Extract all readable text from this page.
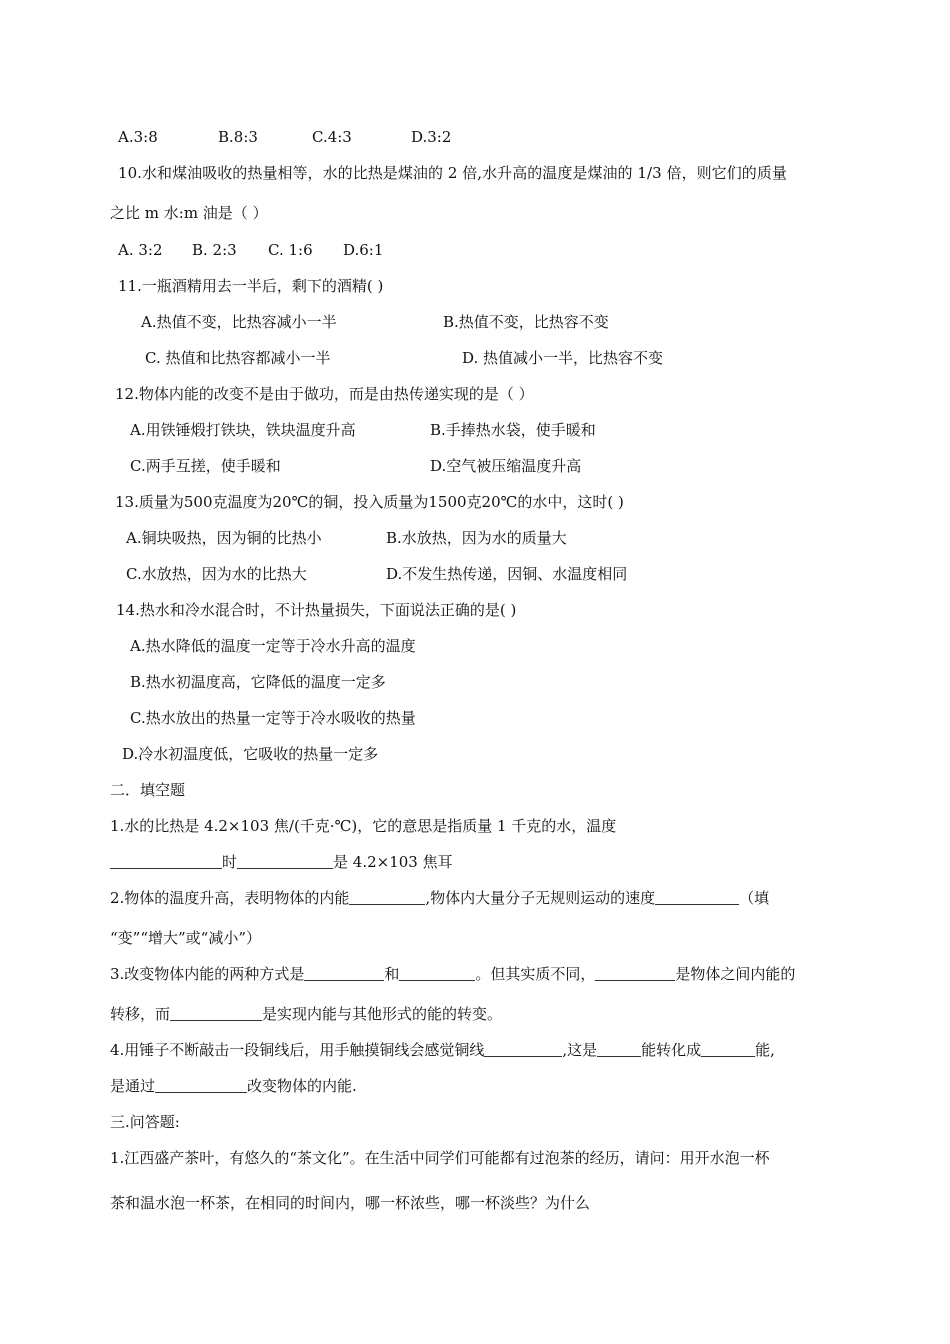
A.3:8	B.8:3	C.4:3	D.3:2
10.水和煤油吸收的热量相等，水的比热是煤油的 2 倍,水升高的温度是煤油的 1/3 倍，则它们的质量
之比 m 水:m 油是（ ）
A. 3:2 B. 2:3 C. 1:6 D.6:1
11.一瓶酒精用去一半后，剩下的酒精( )
A.热值不变，比热容减小一半	B.热值不变，比热容不变
C. 热值和比热容都减小一半	D. 热值减小一半，比热容不变
12.物体内能的改变不是由于做功，而是由热传递实现的是（ ）
A.用铁锤煅打铁块，铁块温度升高	B.手捧热水袋，使手暖和
C.两手互搓，使手暖和	D.空气被压缩温度升高
13.质量为500克温度为20℃的铜，投入质量为1500克20℃的水中，这时( )
A.铜块吸热，因为铜的比热小	B.水放热，因为水的质量大
C.水放热，因为水的比热大	D.不发生热传递，因铜、水温度相同
14.热水和冷水混合时，不计热量损失，下面说法正确的是( )
A.热水降低的温度一定等于冷水升高的温度
B.热水初温度高，它降低的温度一定多
C.热水放出的热量一定等于冷水吸收的热量
D.冷水初温度低，它吸收的热量一定多
二．填空题
1.水的比热是 4.2×103 焦/(千克·℃)，它的意思是指质量 1 千克的水，温度
时	是 4.2×103 焦耳
2.物体的温度升高，表明物体的内能	,物体内大量分子无规则运动的速度	（填
“变”“增大”或“减小”）
3.改变物体内能的两种方式是	和	。但其实质不同，	是物体之间内能的
转移，而	是实现内能与其他形式的能的转变。
4.用锤子不断敲击一段铜线后，用手触摸铜线会感觉铜线	,这是	能转化成	能,
是通过	改变物体的内能.
三.问答题:
1.江西盛产茶叶，有悠久的“茶文化”。在生活中同学们可能都有过泡茶的经历，请问：用开水泡一杯
茶和温水泡一杯茶，在相同的时间内，哪一杯浓些，哪一杯淡些？为什么
